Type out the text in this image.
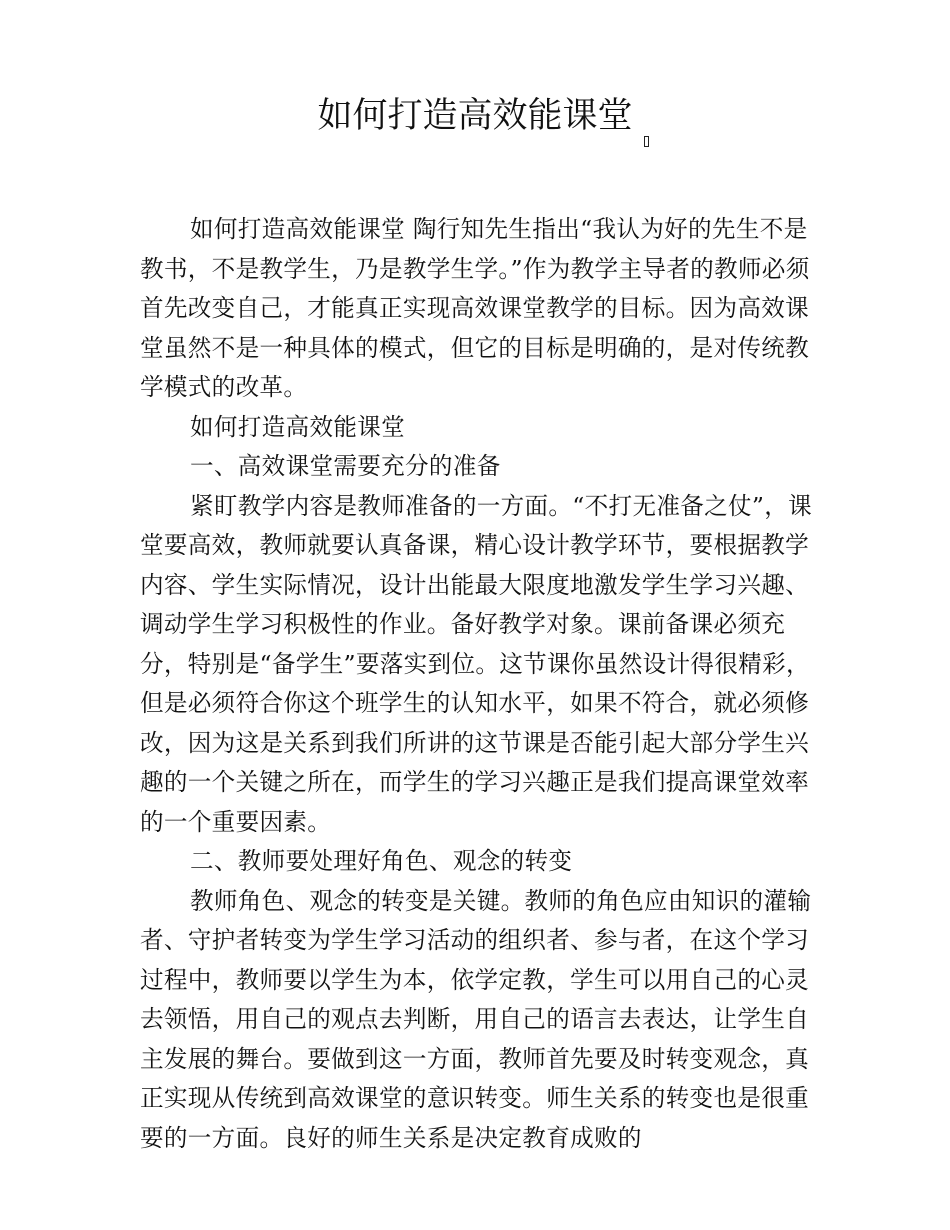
如何打造高效能课堂

如何打造高效能课堂 陶行知先生指出“我认为好的先生不是教书，不是教学生，乃是教学生学。”作为教学主导者的教师必须首先改变自己，才能真正实现高效课堂教学的目标。因为高效课堂虽然不是一种具体的模式，但它的目标是明确的，是对传统教学模式的改革。

如何打造高效能课堂

一、高效课堂需要充分的准备

紧盯教学内容是教师准备的一方面。“不打无准备之仗”，课堂要高效，教师就要认真备课，精心设计教学环节，要根据教学内容、学生实际情况，设计出能最大限度地激发学生学习兴趣、调动学生学习积极性的作业。备好教学对象。课前备课必须充分，特别是“备学生”要落实到位。这节课你虽然设计得很精彩，但是必须符合你这个班学生的认知水平，如果不符合，就必须修改，因为这是关系到我们所讲的这节课是否能引起大部分学生兴趣的一个关键之所在，而学生的学习兴趣正是我们提高课堂效率的一个重要因素。

二、教师要处理好角色、观念的转变

教师角色、观念的转变是关键。教师的角色应由知识的灌输者、守护者转变为学生学习活动的组织者、参与者，在这个学习过程中，教师要以学生为本，依学定教，学生可以用自己的心灵去领悟，用自己的观点去判断，用自己的语言去表达，让学生自主发展的舞台。要做到这一方面，教师首先要及时转变观念，真正实现从传统到高效课堂的意识转变。师生关系的转变也是很重要的一方面。良好的师生关系是决定教育成败的
